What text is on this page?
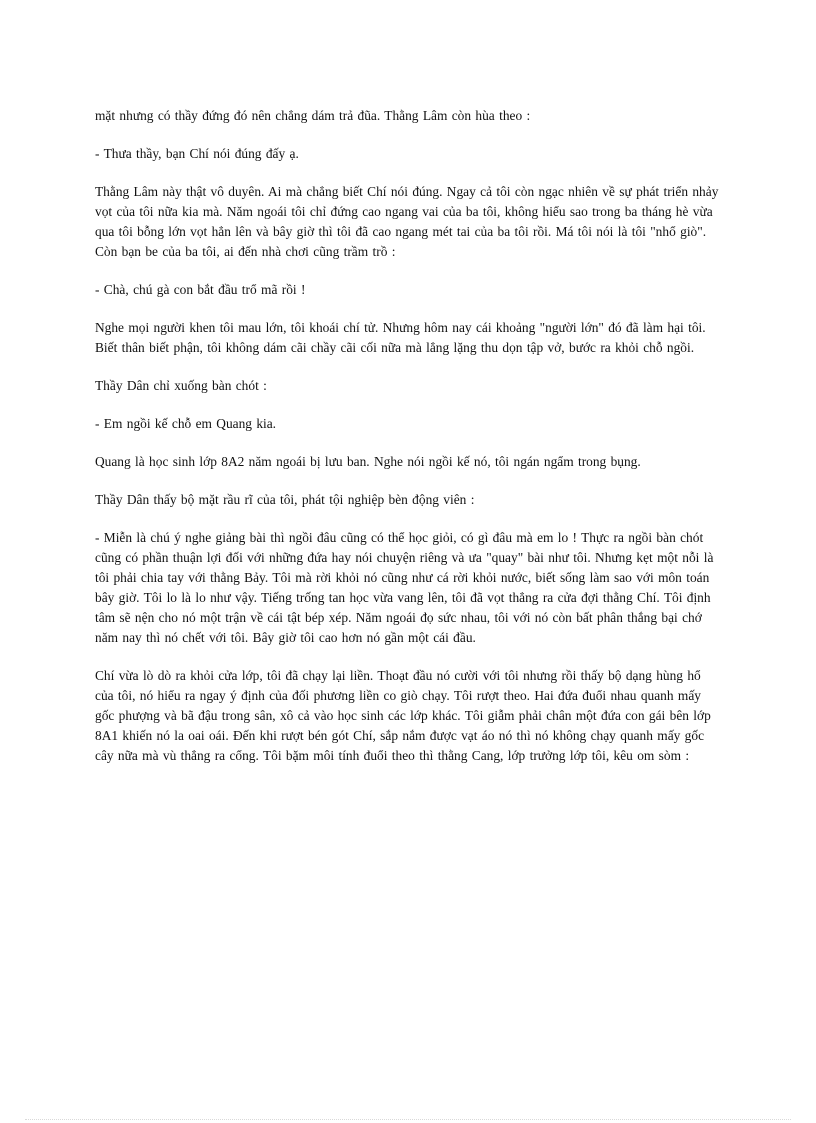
mặt nhưng có thầy đứng đó nên chẳng dám trả đũa. Thằng Lâm còn hùa theo :

- Thưa thầy, bạn Chí nói đúng đấy ạ.

Thằng Lâm này thật vô duyên. Ai mà chẳng biết Chí nói đúng. Ngay cả tôi còn ngạc nhiên về sự phát triển nhảy vọt của tôi nữa kia mà. Năm ngoái tôi chỉ đứng cao ngang vai của ba tôi, không hiểu sao trong ba tháng hè vừa qua tôi bỗng lớn vọt hẳn lên và bây giờ thì tôi đã cao ngang mét tai của ba tôi rồi. Má tôi nói là tôi "nhổ giò". Còn bạn be của ba tôi, ai đến nhà chơi cũng trầm trồ :

- Chà, chú gà con bắt đầu trổ mã rồi !

Nghe mọi người khen tôi mau lớn, tôi khoái chí tử. Nhưng hôm nay cái khoảng "người lớn" đó đã làm hại tôi. Biết thân biết phận, tôi không dám cãi chầy cãi cối nữa mà lẳng lặng thu dọn tập vở, bước ra khỏi chỗ ngồi.

Thầy Dân chỉ xuống bàn chót :

- Em ngồi kế chỗ em Quang kia.

Quang là học sinh lớp 8A2 năm ngoái bị lưu ban. Nghe nói ngồi kế nó, tôi ngán ngẩm trong bụng.

Thầy Dân thấy bộ mặt rầu rĩ của tôi, phát tội nghiệp bèn động viên :

- Miễn là chú ý nghe giảng bài thì ngồi đâu cũng có thể học giỏi, có gì đâu mà em lo ! Thực ra ngồi bàn chót cũng có phần thuận lợi đối với những đứa hay nói chuyện riêng và ưa "quay" bài như tôi. Nhưng kẹt một nỗi là tôi phải chia tay với thằng Bảy. Tôi mà rời khỏi nó cũng như cá rời khỏi nước, biết sống làm sao với môn toán bây giờ. Tôi lo là lo như vậy. Tiếng trống tan học vừa vang lên, tôi đã vọt thẳng ra cửa đợi thằng Chí. Tôi định tâm sẽ nện cho nó một trận về cái tật bép xép. Năm ngoái đọ sức nhau, tôi với nó còn bất phân thắng bại chớ năm nay thì nó chết với tôi. Bây giờ tôi cao hơn nó gần một cái đầu.

Chí vừa lò dò ra khỏi cửa lớp, tôi đã chạy lại liền. Thoạt đầu nó cười với tôi nhưng rồi thấy bộ dạng hùng hổ của tôi, nó hiểu ra ngay ý định của đối phương liền co giò chạy. Tôi rượt theo. Hai đứa đuổi nhau quanh mấy gốc phượng và bã đậu trong sân, xô cả vào học sinh các lớp khác. Tôi giẫm phải chân một đứa con gái bên lớp 8A1 khiến nó la oai oái. Đến khi rượt bén gót Chí, sắp nắm được vạt áo nó thì nó không chạy quanh mấy gốc cây nữa mà vù thẳng ra cổng. Tôi bặm môi tính đuổi theo thì thằng Cang, lớp trưởng lớp tôi, kêu om sòm :
